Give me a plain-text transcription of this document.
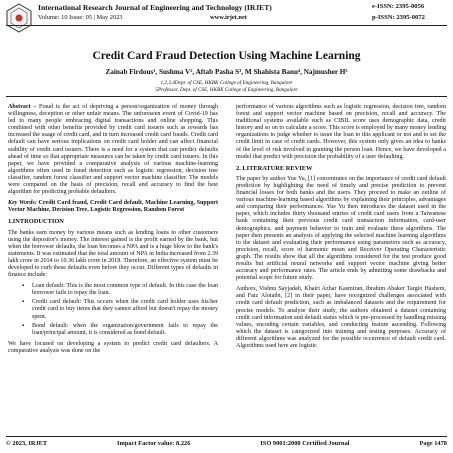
International Research Journal of Engineering and Technology (IRJET)
Volume: 10 Issue: 05 | May 2023	www.irjet.net
e-ISSN: 2395-0056
p-ISSN: 2395-0072
Credit Card Fraud Detection Using Machine Learning
Zainab Firdous¹, Sushma V², Aftab Pasha S³, M Shahista Banu⁴, Najmusher H⁵
1,2,3,4Dept. of CSE, HKBK College of Engineering, Bangalore
5Professor, Dept. of CSE, HKBK College of Engineering, Bangalore

Abstract – Fraud is the act of depriving a person/organization of money through willingness, deception or other unfair means. The unforeseen event of Covid-19 has led to many people embracing digital transactions and online shopping. This combined with other benefits provided by credit card issuers such as rewards has increased the usage of credit card, and in turn increased credit card frauds. Credit card default can have serious implications on credit card holder and can affect financial stability of credit card issuers. There is a need for a system that can predict defaults ahead of time so that appropriate measures can be taken by credit card issuers. In this paper, we have provided a comparative analysis of various machine-learning algorithms often used in fraud detection such as logistic regression, decision tree classifier, random forest classifier and support vector machine classifier. The models were compared on the basis of precision, recall and accuracy to find the best algorithm for predicting probable defaulters.

Key Words: Credit Card fraud, Credit Card default, Machine Learning, Support Vector Machine, Decision Tree, Logistic Regression, Random Forest

1.INTRODUCTION

The banks earn money by various means such as lending loans to other customers using the depositor's money. The interest gained is the profit earned by the bank, but when the borrower defaults, the loan becomes a NPA and is a huge blow to the bank's statements. It was estimated that the total amount of NPA in India increased from 2.39 lakh crore in 2014 to 10.36 lakh crore in 2018. Therefore, an effective system must be developed to curb these defaults even before they occur. Different types of defaults in finance include:

▪ Loan default: This is the most common type of default. In this case the loan borrower fails to repay the loan.
▪ Credit card default: This occurs when the credit card holder uses his/her credit card to buy items that they cannot afford but doesn't repay the money spent.
▪ Bond default: when the organization/government fails to repay the loan/principal amount, it is considered as bond default.

We have focused on developing a system to predict credit card defaulters. A comparative analysis was done on the

performance of various algorithms such as logistic regression, decision tree, random forest and support vector machine based on precision, recall and accuracy. The traditional systems available such as CIBIL score uses demographic data, credit history and so on to calculate a score. This score is employed by many money lending organizations to judge whether to issue the loan to this applicant or not and to set the credit limit in case of credit cards. However, this system only gives an idea to banks of the level of risk involved in granting the person loan. Hence, we have developed a model that predict with precision the probability of a user defaulting.

2. LITERATURE REVIEW

The paper by author Yue Yu, [1] concentrates on the importance of credit card default prediction by highlighting the need of timely and precise prediction to prevent financial losses for both banks and the users. They proceed to make an outline of various machine-learning based algorithms by explaining their principles, advantages and comparing their performances. Yue Yu then introduces the dataset used in the paper, which includes thirty thousand entries of credit card users from a Taiwanese bank containing their previous credit card transaction information, card-user demographics, and payment behavior to train and evaluate these algorithms. The paper then presents an analysis of applying the selected machine learning algorithms to the dataset and evaluating their performance using parameters such as accuracy, precision, recall, score of harmonic mean and Receiver Operating Characteristic graph. The results show that all the algorithms considered for the test produce good results but artificial neural networks and support vector machine giving better accuracy and performance rates. The article ends by admitting some drawbacks and potential scope for future study.

Authors, Vishnu Sayjadah, Khairi Azhar Kasmiran, Ibrahim Abaker Targio Hashem, and Faiz Alotaibi, [2] in their paper, have recognized challenges associated with credit card default prediction, such as imbalanced datasets and the requirement for precise models. To analyse their study, the authors obtained a dataset containing credit card information and default status which is pre-processed by handling missing values, encoding certain variables, and conducting feature ascending. Following which the dataset is categorized into training and testing purposes. Accuracy of different algorithms was analyzed for the possible occurrence of default credit card. Algorithms used here are logistic

© 2023, IRJET	Impact Factor value: 8.226	ISO 9001:2008 Certified Journal	Page 1478
